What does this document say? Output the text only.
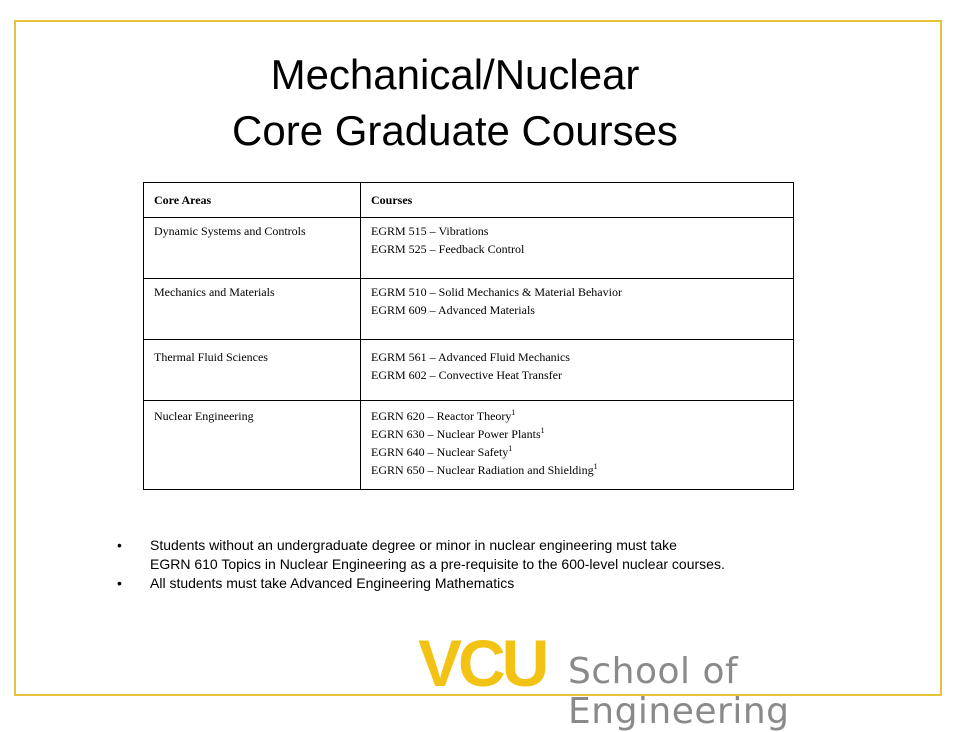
Mechanical/Nuclear
Core Graduate Courses
Core Areas	Courses
Dynamic Systems and Controls	EGRM 515 – Vibrations
EGRM 525 – Feedback Control

Mechanics and Materials	EGRM 510 – Solid Mechanics & Material Behavior
EGRM 609 – Advanced Materials

Thermal Fluid Sciences	EGRM 561 – Advanced Fluid Mechanics
EGRM 602 – Convective Heat Transfer

Nuclear Engineering	EGRN 620 – Reactor Theory$^1$
EGRN 630 – Nuclear Power Plants$^1$
EGRN 640 – Nuclear Safety$^1$
EGRN 650 – Nuclear Radiation and Shielding$^1$
• Students without an undergraduate degree or minor in nuclear engineering must take
EGRN 610 Topics in Nuclear Engineering as a pre-requisite to the 600-level nuclear courses.
• All students must take Advanced Engineering Mathematics
VCU School of Engineering
